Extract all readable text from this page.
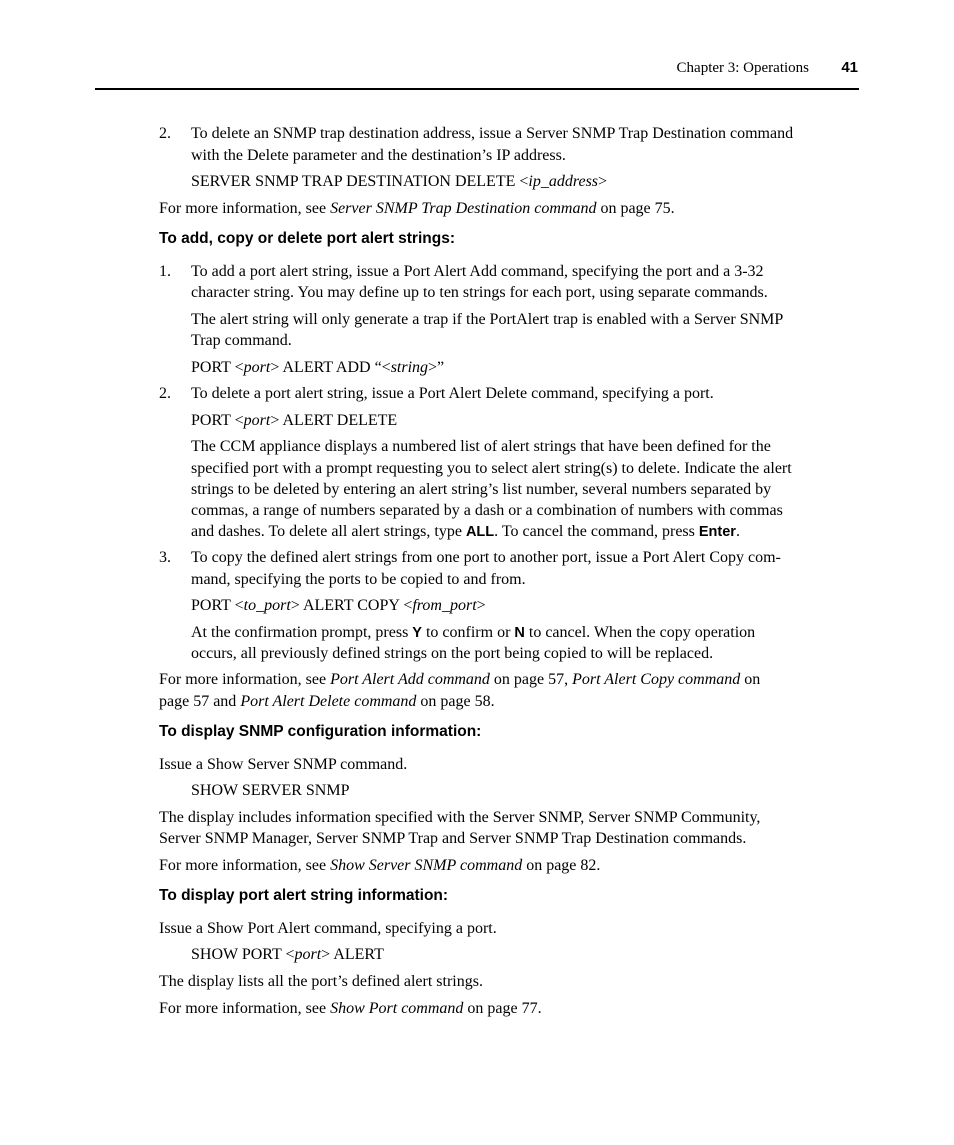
Chapter 3: Operations 41
2. To delete an SNMP trap destination address, issue a Server SNMP Trap Destination command
with the Delete parameter and the destination’s IP address.
SERVER SNMP TRAP DESTINATION DELETE <ip_address>
For more information, see Server SNMP Trap Destination command on page 75.
To add, copy or delete port alert strings:
1. To add a port alert string, issue a Port Alert Add command, specifying the port and a 3-32
character string. You may define up to ten strings for each port, using separate commands.
The alert string will only generate a trap if the PortAlert trap is enabled with a Server SNMP
Trap command.
PORT <port> ALERT ADD “<string>”
2. To delete a port alert string, issue a Port Alert Delete command, specifying a port.
PORT <port> ALERT DELETE
The CCM appliance displays a numbered list of alert strings that have been defined for the
specified port with a prompt requesting you to select alert string(s) to delete. Indicate the alert
strings to be deleted by entering an alert string’s list number, several numbers separated by
commas, a range of numbers separated by a dash or a combination of numbers with commas
and dashes. To delete all alert strings, type ALL. To cancel the command, press Enter.
3. To copy the defined alert strings from one port to another port, issue a Port Alert Copy com-
mand, specifying the ports to be copied to and from.
PORT <to_port> ALERT COPY <from_port>
At the confirmation prompt, press Y to confirm or N to cancel. When the copy operation
occurs, all previously defined strings on the port being copied to will be replaced.
For more information, see Port Alert Add command on page 57, Port Alert Copy command on
page 57 and Port Alert Delete command on page 58.
To display SNMP configuration information:
Issue a Show Server SNMP command.
SHOW SERVER SNMP
The display includes information specified with the Server SNMP, Server SNMP Community,
Server SNMP Manager, Server SNMP Trap and Server SNMP Trap Destination commands.
For more information, see Show Server SNMP command on page 82.
To display port alert string information:
Issue a Show Port Alert command, specifying a port.
SHOW PORT <port> ALERT
The display lists all the port’s defined alert strings.
For more information, see Show Port command on page 77.
